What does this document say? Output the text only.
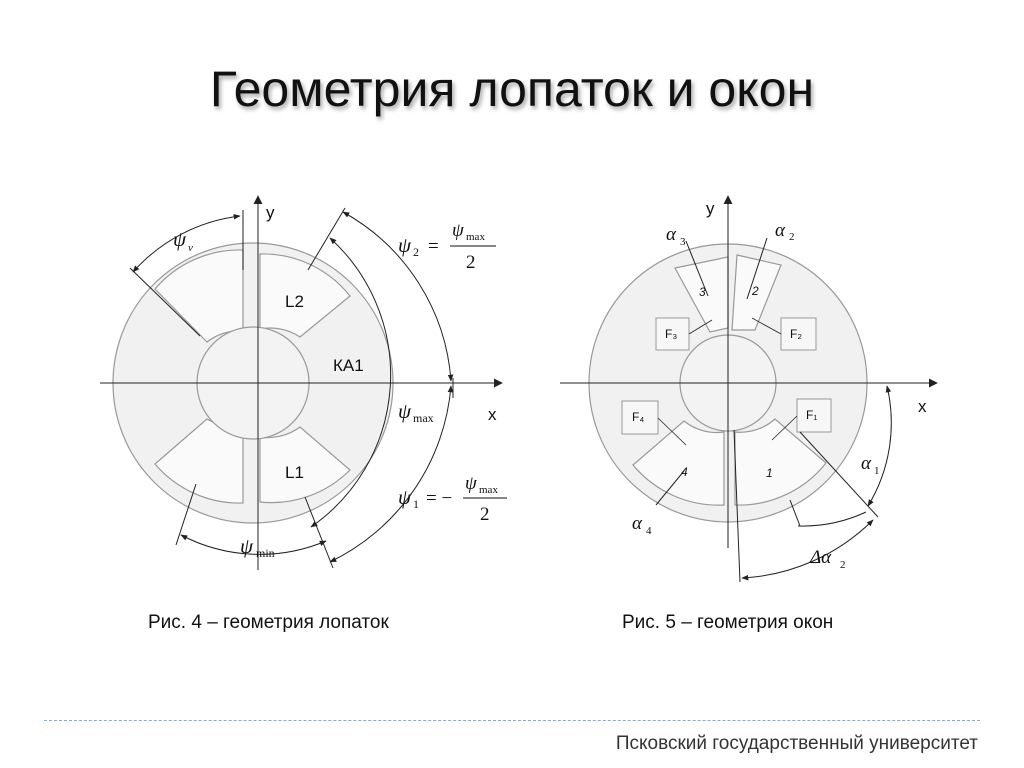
Геометрия лопаток и окон
y
x
L2
L1
КА1
ψ v	ψ 2 =
ψ max
2
ψ max
ψ 1 = −
ψ max
2
ψ min
y
x
3	2
4	1
F₃	F₂
F₄	F₁
α 3
α 2
α 1
α 4
Δα 2
Рис. 4 – геометрия лопаток	Рис. 5 – геометрия окон
Псковский государственный университет
